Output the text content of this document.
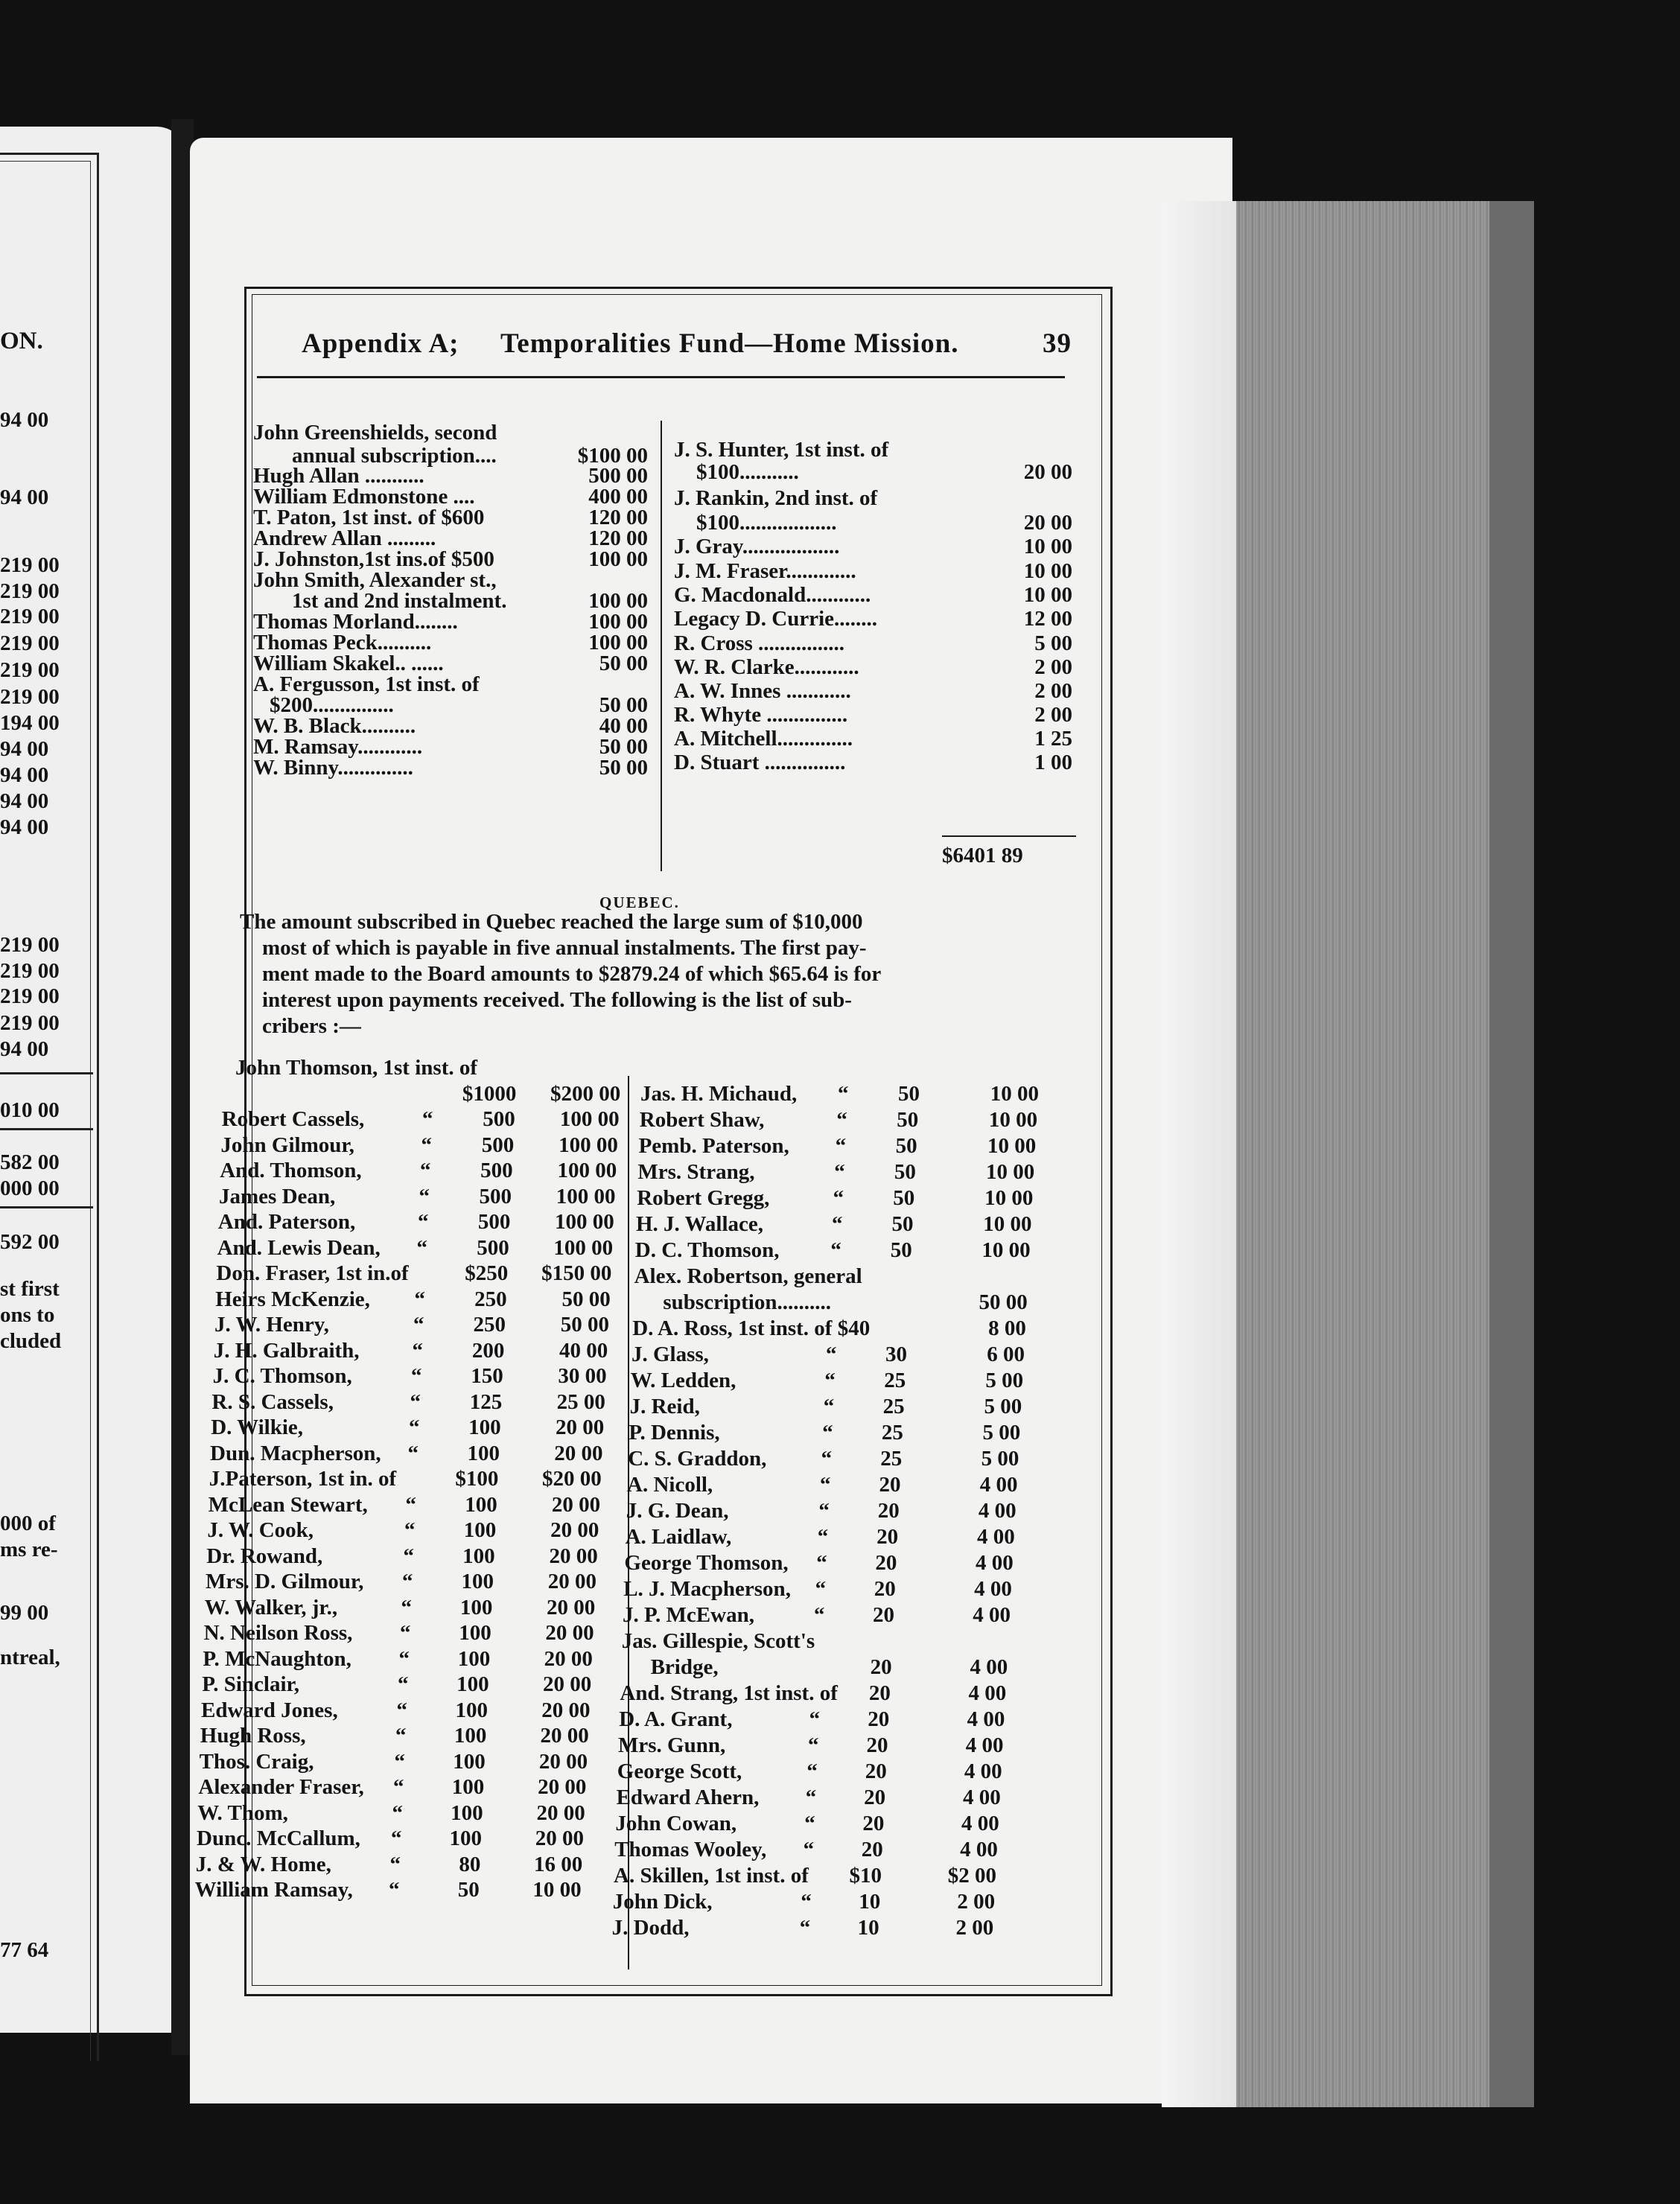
ON.
94 00
94 00
219 00
219 00
219 00
219 00
219 00
219 00
194 00
94 00
94 00
94 00
94 00
219 00
219 00
219 00
219 00
94 00
010 00
582 00
000 00
592 00
st first
ons to
cluded
000 of
ms re-
99 00
ntreal,
77 64
Appendix A; Temporalities Fund—Home Mission.	39
$6401 89
QUEBEC.
The amount subscribed in Quebec reached the large sum of $10,000
most of which is payable in five annual instalments. The first pay-
ment made to the Board amounts to $2879.24 of which $65.64 is for
interest upon payments received. The following is the list of sub-
cribers :—
John Greenshields, second
annual subscription....	$100 00
Hugh Allan ...........	500 00
William Edmonstone ....	400 00
T. Paton, 1st inst. of $600	120 00
Andrew Allan .........	120 00
J. Johnston,1st ins.of $500	100 00
John Smith, Alexander st.,
1st and 2nd instalment.	100 00
Thomas Morland........	100 00
Thomas Peck..........	100 00
William Skakel.. ......	50 00
A. Fergusson, 1st inst. of
$200...............	50 00
W. B. Black..........	40 00
M. Ramsay............	50 00
W. Binny..............	50 00
J. S. Hunter, 1st inst. of
$100...........	20 00
J. Rankin, 2nd inst. of
$100..................	20 00
J. Gray..................	10 00
J. M. Fraser.............	10 00
G. Macdonald............	10 00
Legacy D. Currie........	12 00
R. Cross ................	5 00
W. R. Clarke............	2 00
A. W. Innes ............	2 00
R. Whyte ...............	2 00
A. Mitchell..............	1 25
D. Stuart ...............	1 00
John Thomson, 1st inst. of
$1000	$200 00
Robert Cassels,	“	500	100 00
John Gilmour,	“	500	100 00
And. Thomson,	“	500	100 00
James Dean,	“	500	100 00
And. Paterson,	“	500	100 00
And. Lewis Dean, “	500	100 00
Don. Fraser, 1st in.of	$250	$150 00
Heirs McKenzie, “	250	50 00
J. W. Henry,	“	250	50 00
J. H. Galbraith, “	200	40 00
J. C. Thomson,	“	150	30 00
R. S. Cassels,	“	125	25 00
D. Wilkie,	“	100	20 00
Dun. Macpherson, “	100	20 00
J.Paterson, 1st in. of	$100	$20 00
McLean Stewart, “	100	20 00
J. W. Cook,	“	100	20 00
Dr. Rowand,	“	100	20 00
Mrs. D. Gilmour, “	100	20 00
W. Walker, jr.,	“	100	20 00
N. Neilson Ross, “	100	20 00
P. McNaughton, “	100	20 00
P. Sinclair,	“	100	20 00
Edward Jones,	“	100	20 00
Hugh Ross,	“	100	20 00
Thos. Craig,	“	100	20 00
Alexander Fraser, “	100	20 00
W. Thom,	“	100	20 00
Dunc. McCallum, “	100	20 00
J. & W. Home,	“	80	16 00
William Ramsay, “	50	10 00
Jas. H. Michaud, “	50	10 00
Robert Shaw,	“	50	10 00
Pemb. Paterson, “	50	10 00
Mrs. Strang,	“	50	10 00
Robert Gregg,	“	50	10 00
H. J. Wallace,	“	50	10 00
D. C. Thomson, “	50	10 00
Alex. Robertson, general
subscription..........	50 00
D. A. Ross, 1st inst. of $40	8 00
J. Glass,	“	30	6 00
W. Ledden,	“	25	5 00
J. Reid,	“	25	5 00
P. Dennis,	“	25	5 00
C. S. Graddon,	“	25	5 00
A. Nicoll,	“	20	4 00
J. G. Dean,	“	20	4 00
A. Laidlaw,	“	20	4 00
George Thomson, “	20	4 00
L. J. Macpherson, “	20	4 00
J. P. McEwan,	“	20	4 00
Jas. Gillespie, Scott's
Bridge,	20	4 00
And. Strang, 1st inst. of	20	4 00
D. A. Grant,	“	20	4 00
Mrs. Gunn,	“	20	4 00
George Scott,	“	20	4 00
Edward Ahern, “	20	4 00
John Cowan,	“	20	4 00
Thomas Wooley, “	20	4 00
A. Skillen, 1st inst. of	$10	$2 00
John Dick,	“	10	2 00
J. Dodd,	“	10	2 00
